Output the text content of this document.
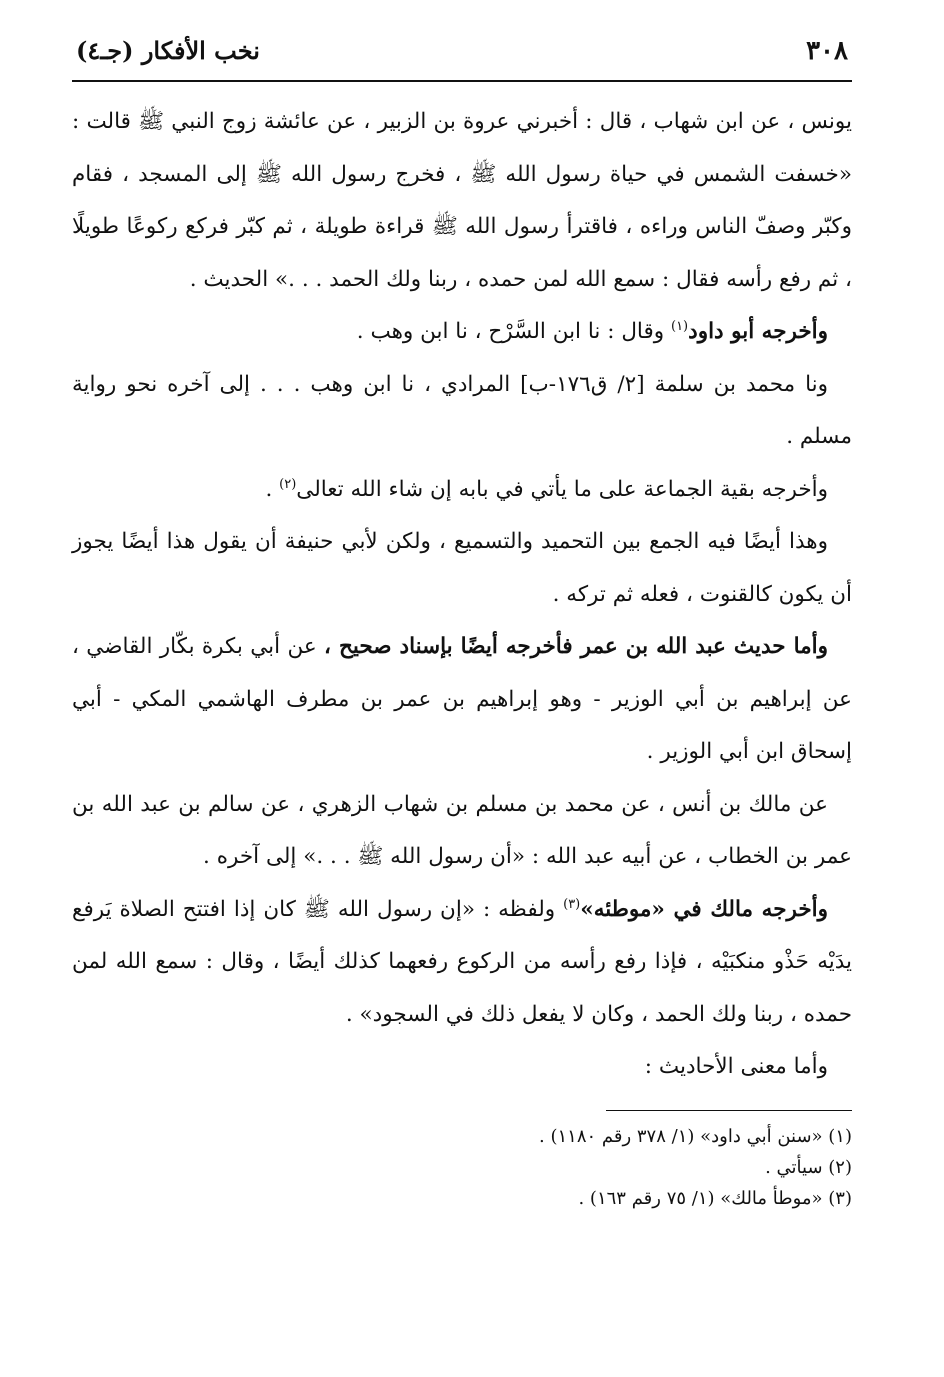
٣٠٨
نخب الأفكار (جـ٤)

يونس ، عن ابن شهاب ، قال : أخبرني عروة بن الزبير ، عن عائشة زوج النبي ﷺ قالت : «خسفت الشمس في حياة رسول الله ﷺ ، فخرج رسول الله ﷺ إلى المسجد ، فقام وكبّر وصفّ الناس وراءه ، فاقترأ رسول الله ﷺ قراءة طويلة ، ثم كبّر فركع ركوعًا طويلًا ، ثم رفع رأسه فقال : سمع الله لمن حمده ، ربنا ولك الحمد . . .» الحديث .

وأخرجه أبو داود$^{(١)}$ وقال : نا ابن السَّرْح ، نا ابن وهب .

ونا محمد بن سلمة [٢/ ق١٧٦-ب] المرادي ، نا ابن وهب . . . إلى آخره نحو رواية مسلم .

وأخرجه بقية الجماعة على ما يأتي في بابه إن شاء الله تعالى$^{(٢)}$ .

وهذا أيضًا فيه الجمع بين التحميد والتسميع ، ولكن لأبي حنيفة أن يقول هذا أيضًا يجوز أن يكون كالقنوت ، فعله ثم تركه .

وأما حديث عبد الله بن عمر فأخرجه أيضًا بإسناد صحيح ، عن أبي بكرة بكّار القاضي ، عن إبراهيم بن أبي الوزير - وهو إبراهيم بن عمر بن مطرف الهاشمي المكي - أبي إسحاق ابن أبي الوزير .

عن مالك بن أنس ، عن محمد بن مسلم بن شهاب الزهري ، عن سالم بن عبد الله بن عمر بن الخطاب ، عن أبيه عبد الله : «أن رسول الله ﷺ . . .» إلى آخره .

وأخرجه مالك في «موطئه»$^{(٣)}$ ولفظه : «إن رسول الله ﷺ كان إذا افتتح الصلاة يَرفع يدَيْه حَذْو منكبَيْه ، فإذا رفع رأسه من الركوع رفعهما كذلك أيضًا ، وقال : سمع الله لمن حمده ، ربنا ولك الحمد ، وكان لا يفعل ذلك في السجود» .

وأما معنى الأحاديث :

(١) «سنن أبي داود» (١/ ٣٧٨ رقم ١١٨٠) .
(٢) سيأتي .
(٣) «موطأ مالك» (١/ ٧٥ رقم ١٦٣) .
